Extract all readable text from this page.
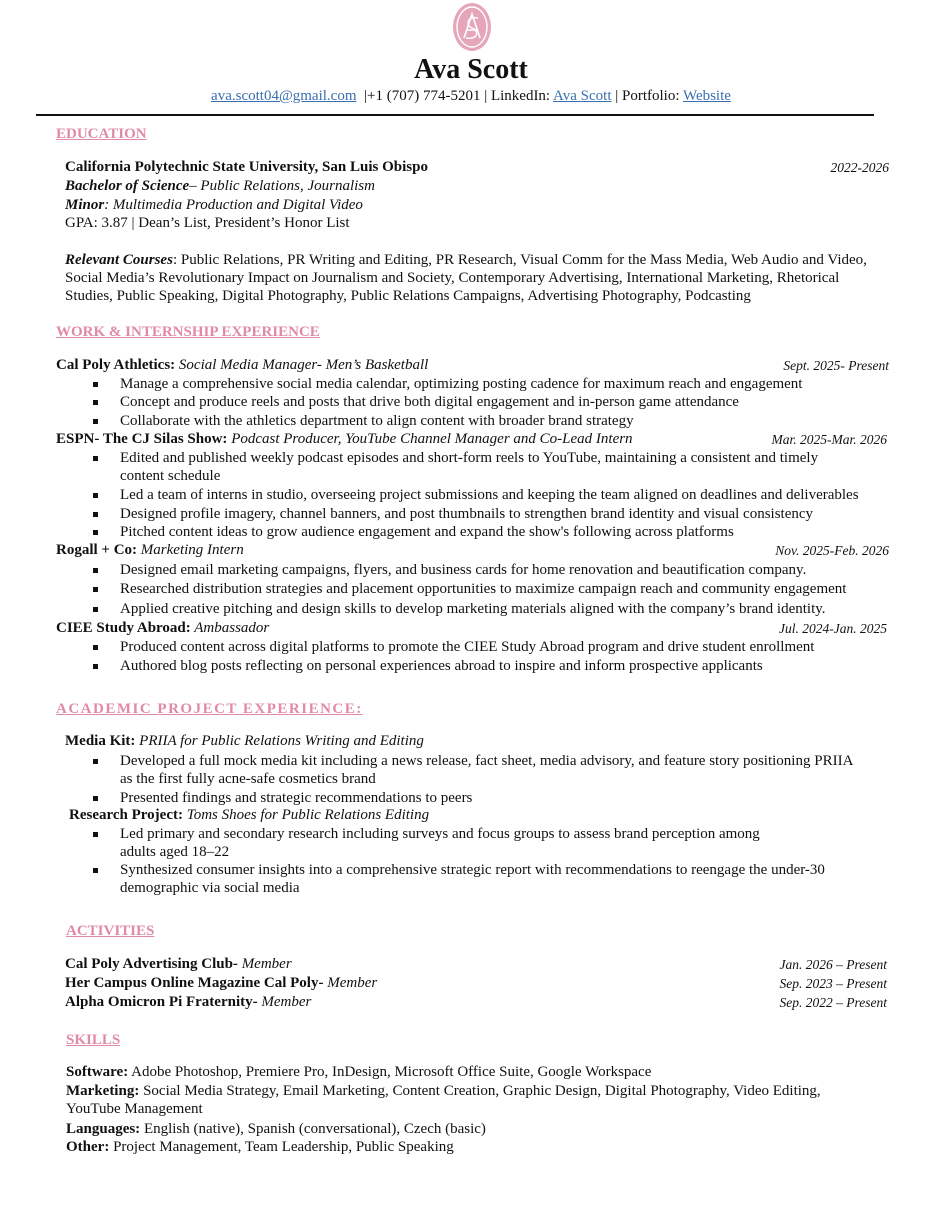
Ava Scott
ava.scott04@gmail.com  |+1 (707) 774-5201 | LinkedIn: Ava Scott | Portfolio: Website
EDUCATION
California Polytechnic State University, San Luis Obispo	2022-2026
Bachelor of Science– Public Relations, Journalism
Minor: Multimedia Production and Digital Video
GPA: 3.87 | Dean’s List, President’s Honor List
Relevant Courses: Public Relations, PR Writing and Editing, PR Research, Visual Comm for the Mass Media, Web Audio and Video,
Social Media’s Revolutionary Impact on Journalism and Society, Contemporary Advertising, International Marketing, Rhetorical
Studies, Public Speaking, Digital Photography, Public Relations Campaigns, Advertising Photography, Podcasting
WORK & INTERNSHIP EXPERIENCE
Cal Poly Athletics: Social Media Manager- Men’s Basketball	Sept. 2025- Present
Manage a comprehensive social media calendar, optimizing posting cadence for maximum reach and engagement
Concept and produce reels and posts that drive both digital engagement and in-person game attendance
Collaborate with the athletics department to align content with broader brand strategy
ESPN- The CJ Silas Show: Podcast Producer, YouTube Channel Manager and Co-Lead Intern	Mar. 2025-Mar. 2026
Edited and published weekly podcast episodes and short-form reels to YouTube, maintaining a consistent and timely
content schedule
Led a team of interns in studio, overseeing project submissions and keeping the team aligned on deadlines and deliverables
Designed profile imagery, channel banners, and post thumbnails to strengthen brand identity and visual consistency
Pitched content ideas to grow audience engagement and expand the show's following across platforms
Rogall + Co: Marketing Intern	Nov. 2025-Feb. 2026
Designed email marketing campaigns, flyers, and business cards for home renovation and beautification company.
Researched distribution strategies and placement opportunities to maximize campaign reach and community engagement
Applied creative pitching and design skills to develop marketing materials aligned with the company’s brand identity.
CIEE Study Abroad: Ambassador	Jul. 2024-Jan. 2025
Produced content across digital platforms to promote the CIEE Study Abroad program and drive student enrollment
Authored blog posts reflecting on personal experiences abroad to inspire and inform prospective applicants
ACADEMIC PROJECT EXPERIENCE:
Media Kit: PRIIA for Public Relations Writing and Editing
Developed a full mock media kit including a news release, fact sheet, media advisory, and feature story positioning PRIIA
as the first fully acne-safe cosmetics brand
Presented findings and strategic recommendations to peers
Research Project: Toms Shoes for Public Relations Editing
Led primary and secondary research including surveys and focus groups to assess brand perception among
adults aged 18–22
Synthesized consumer insights into a comprehensive strategic report with recommendations to reengage the under-30
demographic via social media
ACTIVITIES
Cal Poly Advertising Club- Member	Jan. 2026 – Present
Her Campus Online Magazine Cal Poly- Member	Sep. 2023 – Present
Alpha Omicron Pi Fraternity- Member	Sep. 2022 – Present
SKILLS
Software: Adobe Photoshop, Premiere Pro, InDesign, Microsoft Office Suite, Google Workspace
Marketing: Social Media Strategy, Email Marketing, Content Creation, Graphic Design, Digital Photography, Video Editing,
YouTube Management
Languages: English (native), Spanish (conversational), Czech (basic)
Other: Project Management, Team Leadership, Public Speaking
